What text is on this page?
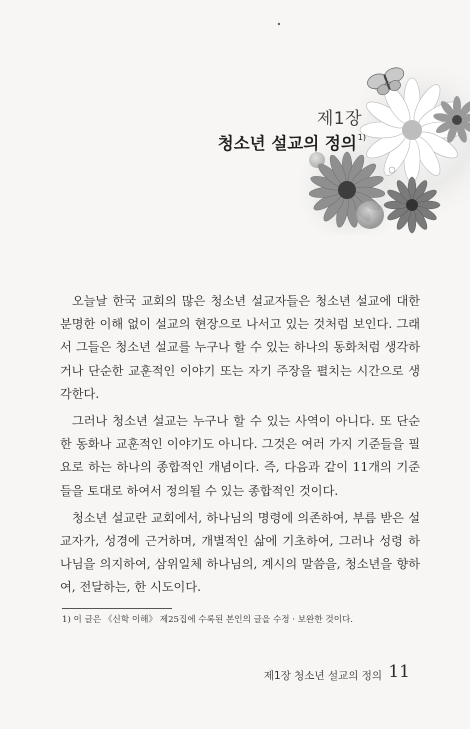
제1장
청소년 설교의 정의$^{1)}$

오늘날 한국 교회의 많은 청소년 설교자들은 청소년 설교에 대한 분명한 이해 없이 설교의 현장으로 나서고 있는 것처럼 보인다. 그래서 그들은 청소년 설교를 누구나 할 수 있는 하나의 동화처럼 생각하거나 단순한 교훈적인 이야기 또는 자기 주장을 펼치는 시간으로 생각한다.

그러나 청소년 설교는 누구나 할 수 있는 사역이 아니다. 또 단순한 동화나 교훈적인 이야기도 아니다. 그것은 여러 가지 기준들을 필요로 하는 하나의 종합적인 개념이다. 즉, 다음과 같이 11개의 기준들을 토대로 하여서 정의될 수 있는 종합적인 것이다.

청소년 설교란 교회에서, 하나님의 명령에 의존하여, 부름 받은 설교자가, 성경에 근거하며, 개별적인 삶에 기초하여, 그러나 성령 하나님을 의지하여, 삼위일체 하나님의, 계시의 말씀을, 청소년을 향하여, 전달하는, 한 시도이다.

1) 이 글은 《신학 이해》 제25집에 수록된 본인의 글을 수정 · 보완한 것이다.
제1장 청소년 설교의 정의 11
